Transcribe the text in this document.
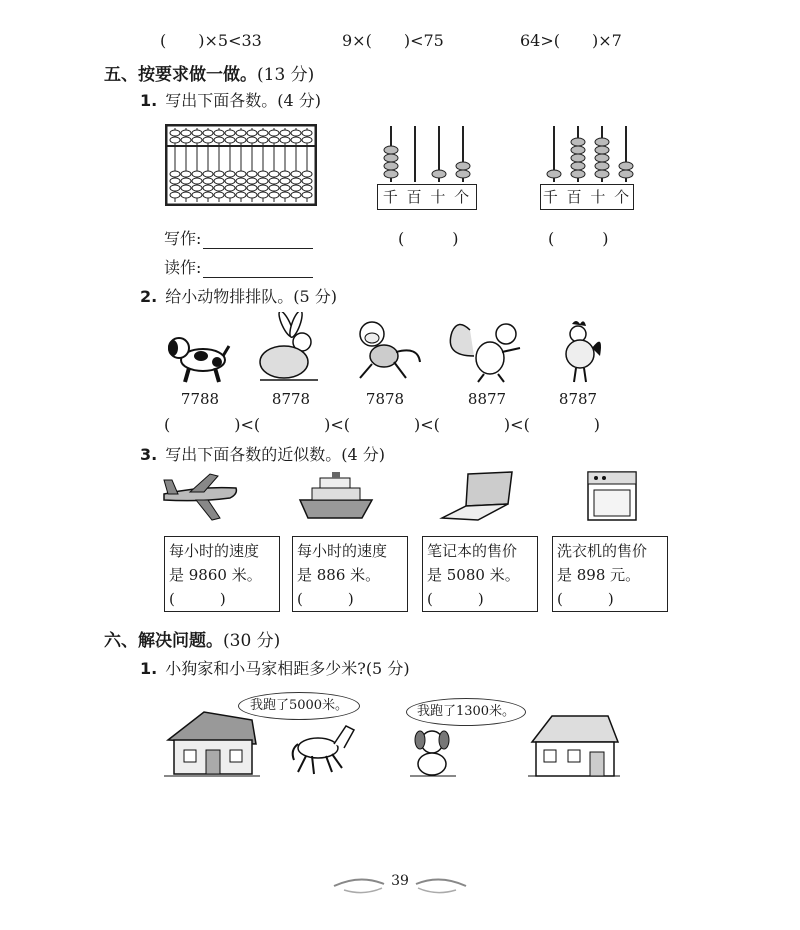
(　　)×5<33	9×(　　)<75	64>(　　)×7
五、按要求做一做。(13 分)
1. 写出下面各数。(4 分)
千 百 十 个	千 百 十 个
写作:
读作:
(　　　)	(　　　)
2. 给小动物排排队。(5 分)
7788	8778	7878	8877	8787
(　　　　)<(　　　　)<(　　　　)<(　　　　)<(　　　　)
3. 写出下面各数的近似数。(4 分)
每小时的速度
是 9860 米。
(　　　)
每小时的速度
是 886 米。
(　　　)
笔记本的售价
是 5080 米。
(　　　)
洗衣机的售价
是 898 元。
(　　　)
六、解决问题。(30 分)
1. 小狗家和小马家相距多少米?(5 分)
我跑了5000米。	我跑了1300米。
39
